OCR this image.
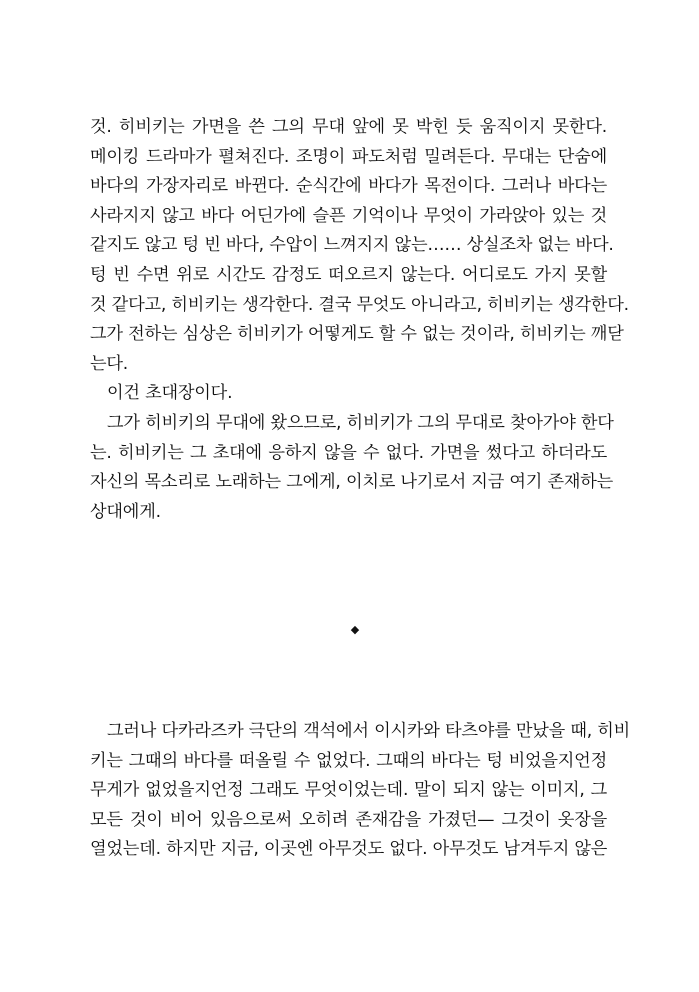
것. 히비키는 가면을 쓴 그의 무대 앞에 못 박힌 듯 움직이지 못한다.
메이킹 드라마가 펼쳐진다. 조명이 파도처럼 밀려든다. 무대는 단숨에
바다의 가장자리로 바뀐다. 순식간에 바다가 목전이다. 그러나 바다는
사라지지 않고 바다 어딘가에 슬픈 기억이나 무엇이 가라앉아 있는 것
같지도 않고 텅 빈 바다, 수압이 느껴지지 않는…… 상실조차 없는 바다.
텅 빈 수면 위로 시간도 감정도 떠오르지 않는다. 어디로도 가지 못할
것 같다고, 히비키는 생각한다. 결국 무엇도 아니라고, 히비키는 생각한다.
그가 전하는 심상은 히비키가 어떻게도 할 수 없는 것이라, 히비키는 깨닫
는다.
이건 초대장이다.
그가 히비키의 무대에 왔으므로, 히비키가 그의 무대로 찾아가야 한다
는. 히비키는 그 초대에 응하지 않을 수 없다. 가면을 썼다고 하더라도
자신의 목소리로 노래하는 그에게, 이치로 나기로서 지금 여기 존재하는
상대에게.
그러나 다카라즈카 극단의 객석에서 이시카와 타츠야를 만났을 때, 히비
키는 그때의 바다를 떠올릴 수 없었다. 그때의 바다는 텅 비었을지언정
무게가 없었을지언정 그래도 무엇이었는데. 말이 되지 않는 이미지, 그
모든 것이 비어 있음으로써 오히려 존재감을 가졌던— 그것이 옷장을
열었는데. 하지만 지금, 이곳엔 아무것도 없다. 아무것도 남겨두지 않은
◆
